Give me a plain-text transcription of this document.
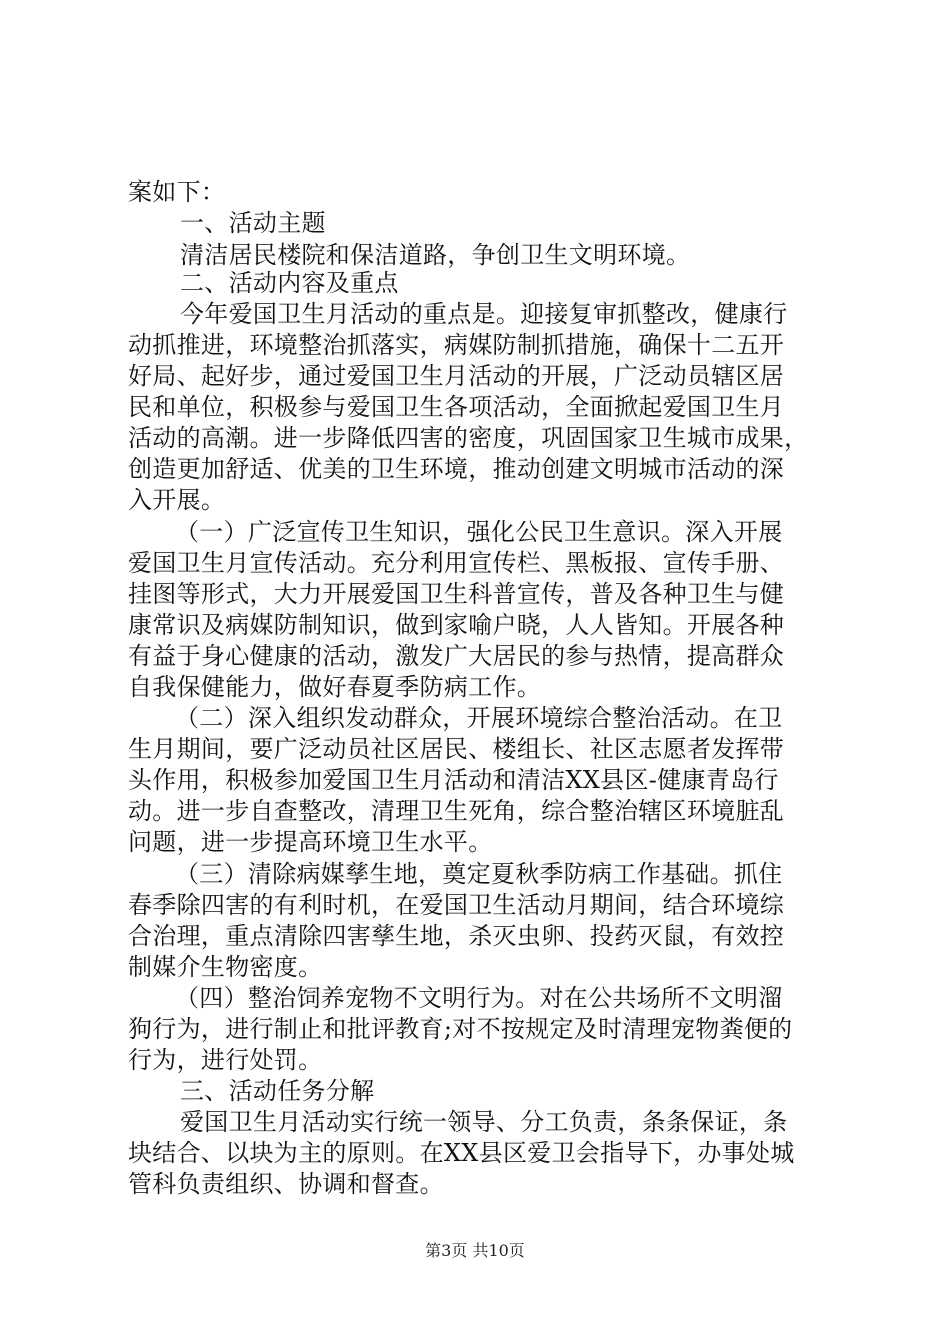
案如下：
一、活动主题
清洁居民楼院和保洁道路，争创卫生文明环境。
二、活动内容及重点
今年爱国卫生月活动的重点是。迎接复审抓整改，健康行
动抓推进，环境整治抓落实，病媒防制抓措施，确保十二五开
好局、起好步，通过爱国卫生月活动的开展，广泛动员辖区居
民和单位，积极参与爱国卫生各项活动，全面掀起爱国卫生月
活动的高潮。进一步降低四害的密度，巩固国家卫生城市成果，
创造更加舒适、优美的卫生环境，推动创建文明城市活动的深
入开展。
（一）广泛宣传卫生知识，强化公民卫生意识。深入开展
爱国卫生月宣传活动。充分利用宣传栏、黑板报、宣传手册、
挂图等形式，大力开展爱国卫生科普宣传，普及各种卫生与健
康常识及病媒防制知识，做到家喻户晓，人人皆知。开展各种
有益于身心健康的活动，激发广大居民的参与热情，提高群众
自我保健能力，做好春夏季防病工作。
（二）深入组织发动群众，开展环境综合整治活动。在卫
生月期间，要广泛动员社区居民、楼组长、社区志愿者发挥带
头作用，积极参加爱国卫生月活动和清洁XX县区-健康青岛行
动。进一步自查整改，清理卫生死角，综合整治辖区环境脏乱
问题，进一步提高环境卫生水平。
（三）清除病媒孳生地，奠定夏秋季防病工作基础。抓住
春季除四害的有利时机，在爱国卫生活动月期间，结合环境综
合治理，重点清除四害孳生地，杀灭虫卵、投药灭鼠，有效控
制媒介生物密度。
（四）整治饲养宠物不文明行为。对在公共场所不文明溜
狗行为，进行制止和批评教育;对不按规定及时清理宠物粪便的
行为，进行处罚。
三、活动任务分解
爱国卫生月活动实行统一领导、分工负责，条条保证，条
块结合、以块为主的原则。在XX县区爱卫会指导下，办事处城
管科负责组织、协调和督查。
第3页 共10页
